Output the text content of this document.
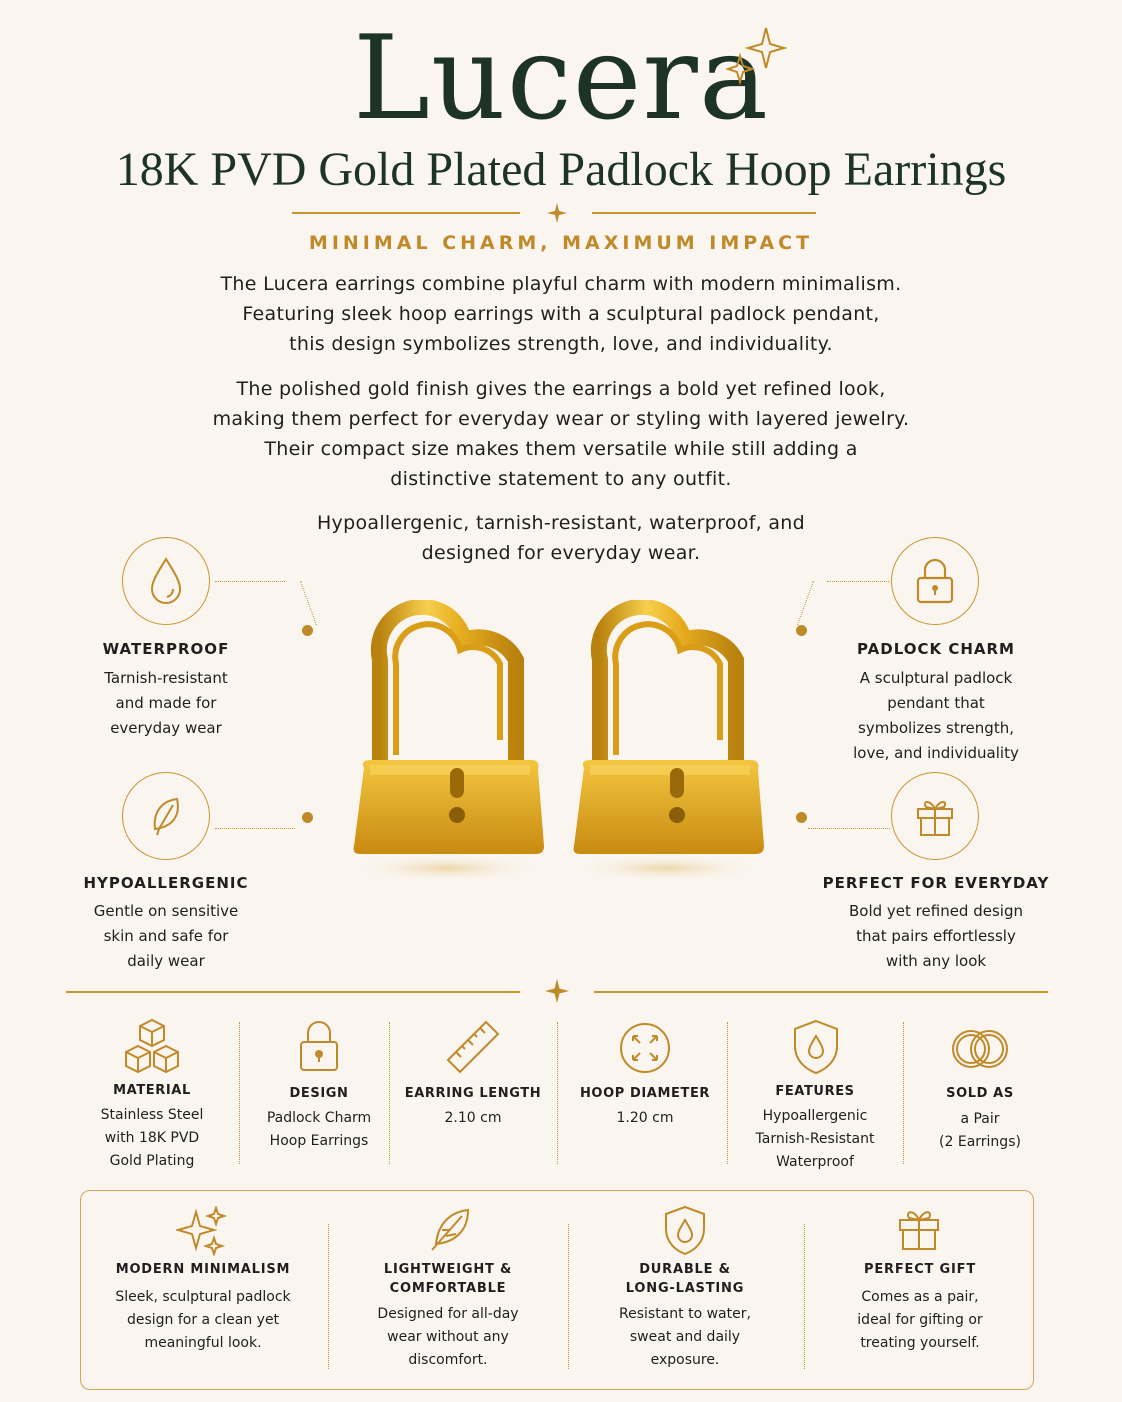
Lucera
18K PVD Gold Plated Padlock Hoop Earrings
MINIMAL CHARM, MAXIMUM IMPACT
The Lucera earrings combine playful charm with modern minimalism.
Featuring sleek hoop earrings with a sculptural padlock pendant,
this design symbolizes strength, love, and individuality.
The polished gold finish gives the earrings a bold yet refined look,
making them perfect for everyday wear or styling with layered jewelry.
Their compact size makes them versatile while still adding a
distinctive statement to any outfit.
Hypoallergenic, tarnish-resistant, waterproof, and
designed for everyday wear.
WATERPROOF
Tarnish-resistant
and made for
everyday wear
HYPOALLERGENIC
Gentle on sensitive
skin and safe for
daily wear
PADLOCK CHARM
A sculptural padlock
pendant that
symbolizes strength,
love, and individuality
PERFECT FOR EVERYDAY
Bold yet refined design
that pairs effortlessly
with any look
MATERIAL
Stainless Steel
with 18K PVD
Gold Plating
DESIGN
Padlock Charm
Hoop Earrings
EARRING LENGTH
2.10 cm
HOOP DIAMETER
1.20 cm
FEATURES
Hypoallergenic
Tarnish-Resistant
Waterproof
SOLD AS
a Pair
(2 Earrings)
MODERN MINIMALISM
Sleek, sculptural padlock
design for a clean yet
meaningful look.
LIGHTWEIGHT &
COMFORTABLE
Designed for all-day
wear without any
discomfort.
DURABLE &
LONG-LASTING
Resistant to water,
sweat and daily
exposure.
PERFECT GIFT
Comes as a pair,
ideal for gifting or
treating yourself.
